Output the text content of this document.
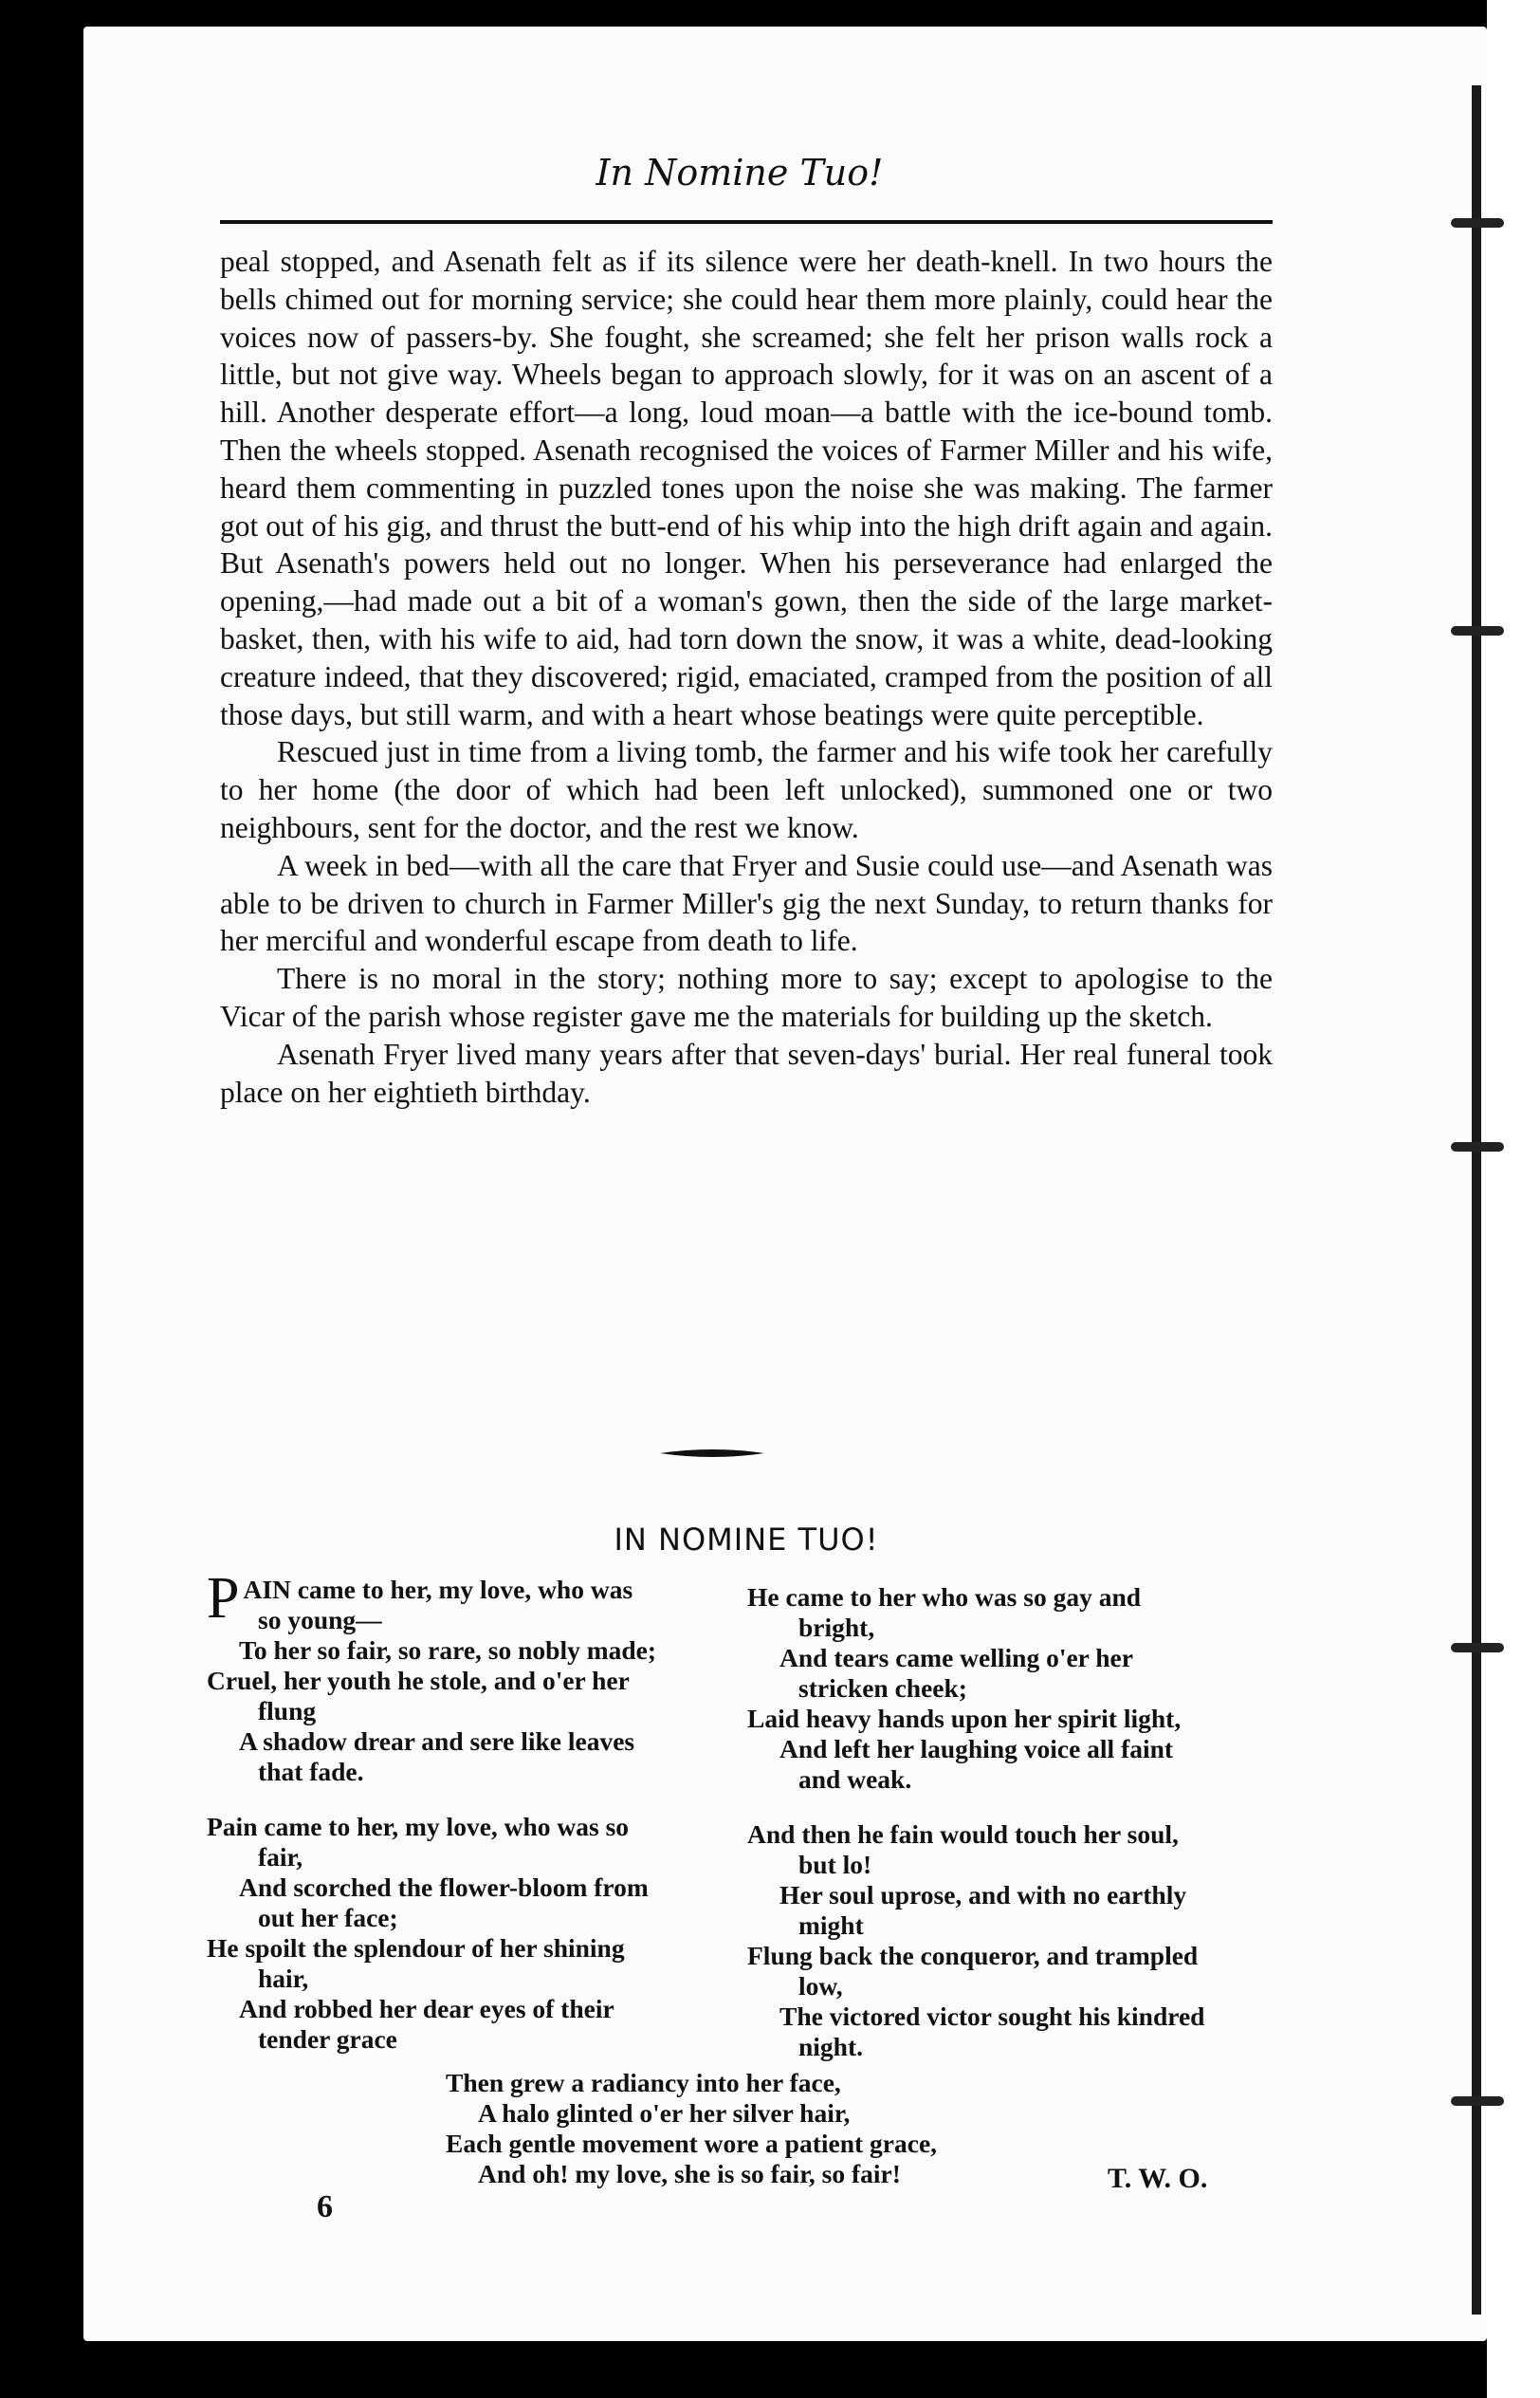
In Nomine Tuo!

peal stopped, and Asenath felt as if its silence were her death-knell. In two hours the bells chimed out for morning service; she could hear them more plainly, could hear the voices now of passers-by. She fought, she screamed; she felt her prison walls rock a little, but not give way. Wheels began to approach slowly, for it was on an ascent of a hill. Another desperate effort—a long, loud moan—a battle with the ice-bound tomb. Then the wheels stopped. Asenath recognised the voices of Farmer Miller and his wife, heard them commenting in puzzled tones upon the noise she was making. The farmer got out of his gig, and thrust the butt-end of his whip into the high drift again and again. But Asenath's powers held out no longer. When his perseverance had enlarged the opening,—had made out a bit of a woman's gown, then the side of the large market-basket, then, with his wife to aid, had torn down the snow, it was a white, dead-looking creature indeed, that they discovered; rigid, emaciated, cramped from the position of all those days, but still warm, and with a heart whose beatings were quite perceptible.

Rescued just in time from a living tomb, the farmer and his wife took her carefully to her home (the door of which had been left unlocked), summoned one or two neighbours, sent for the doctor, and the rest we know.

A week in bed—with all the care that Fryer and Susie could use—and Asenath was able to be driven to church in Farmer Miller's gig the next Sunday, to return thanks for her merciful and wonderful escape from death to life.

There is no moral in the story; nothing more to say; except to apologise to the Vicar of the parish whose register gave me the materials for building up the sketch.

Asenath Fryer lived many years after that seven-days' burial. Her real funeral took place on her eightieth birthday.

IN NOMINE TUO!
P AIN came to her, my love, who was
so young—
To her so fair, so rare, so nobly made;
Cruel, her youth he stole, and o'er her
flung
A shadow drear and sere like leaves
that fade.
Pain came to her, my love, who was so
fair,
And scorched the flower-bloom from
out her face;
He spoilt the splendour of her shining
hair,
And robbed her dear eyes of their
tender grace
He came to her who was so gay and
bright,
And tears came welling o'er her
stricken cheek;
Laid heavy hands upon her spirit light,
And left her laughing voice all faint
and weak.
And then he fain would touch her soul,
but lo!
Her soul uprose, and with no earthly
might
Flung back the conqueror, and trampled
low,
The victored victor sought his kindred
night.
Then grew a radiancy into her face,
A halo glinted o'er her silver hair,
Each gentle movement wore a patient grace,
And oh! my love, she is so fair, so fair!	T. W. O.
6
